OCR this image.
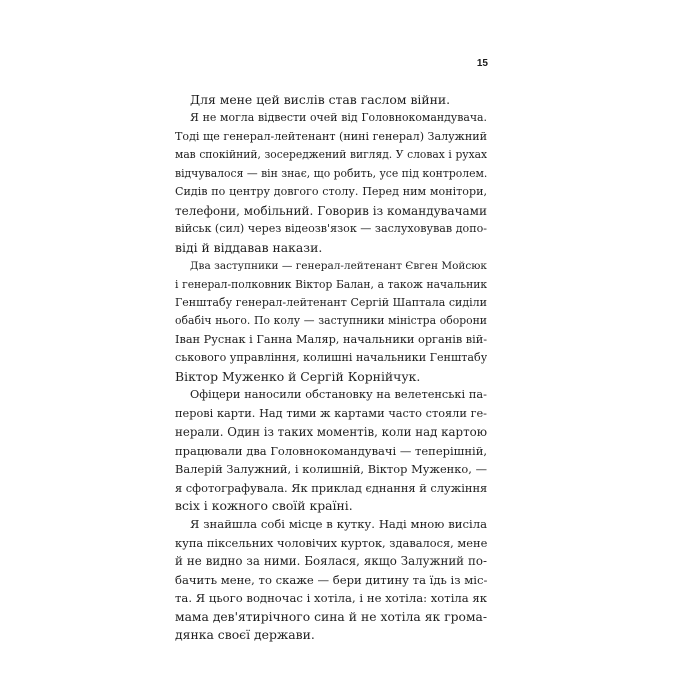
15

Для мене цей вислів став гаслом війни.

Я не могла відвести очей від Головнокомандувача.
Тоді ще генерал-лейтенант (нині генерал) Залужний
мав спокійний, зосереджений вигляд. У словах і рухах
відчувалося — він знає, що робить, усе під контролем.
Сидів по центру довгого столу. Перед ним монітори,
телефони, мобільний. Говорив із командувачами
військ (сил) через відеозв'язок — заслуховував допо-
віді й віддавав накази.

Два заступники — генерал-лейтенант Євген Мойсюк
і генерал-полковник Віктор Балан, а також начальник
Генштабу генерал-лейтенант Сергій Шаптала сиділи
обабіч нього. По колу — заступники міністра оборони
Іван Руснак і Ганна Маляр, начальники органів вій-
ськового управління, колишні начальники Генштабу
Віктор Муженко й Сергій Корнійчук.

Офіцери наносили обстановку на велетенські па-
перові карти. Над тими ж картами часто стояли ге-
нерали. Один із таких моментів, коли над картою
працювали два Головнокомандувачі — теперішній,
Валерій Залужний, і колишній, Віктор Муженко, —
я сфотографувала. Як приклад єднання й служіння
всіх і кожного своїй країні.

Я знайшла собі місце в кутку. Наді мною висіла
купа піксельних чоловічих курток, здавалося, мене
й не видно за ними. Боялася, якщо Залужний по-
бачить мене, то скаже — бери дитину та їдь із міс-
та. Я цього водночас і хотіла, і не хотіла: хотіла як
мама дев'ятирічного сина й не хотіла як грома-
дянка своєї держави.
